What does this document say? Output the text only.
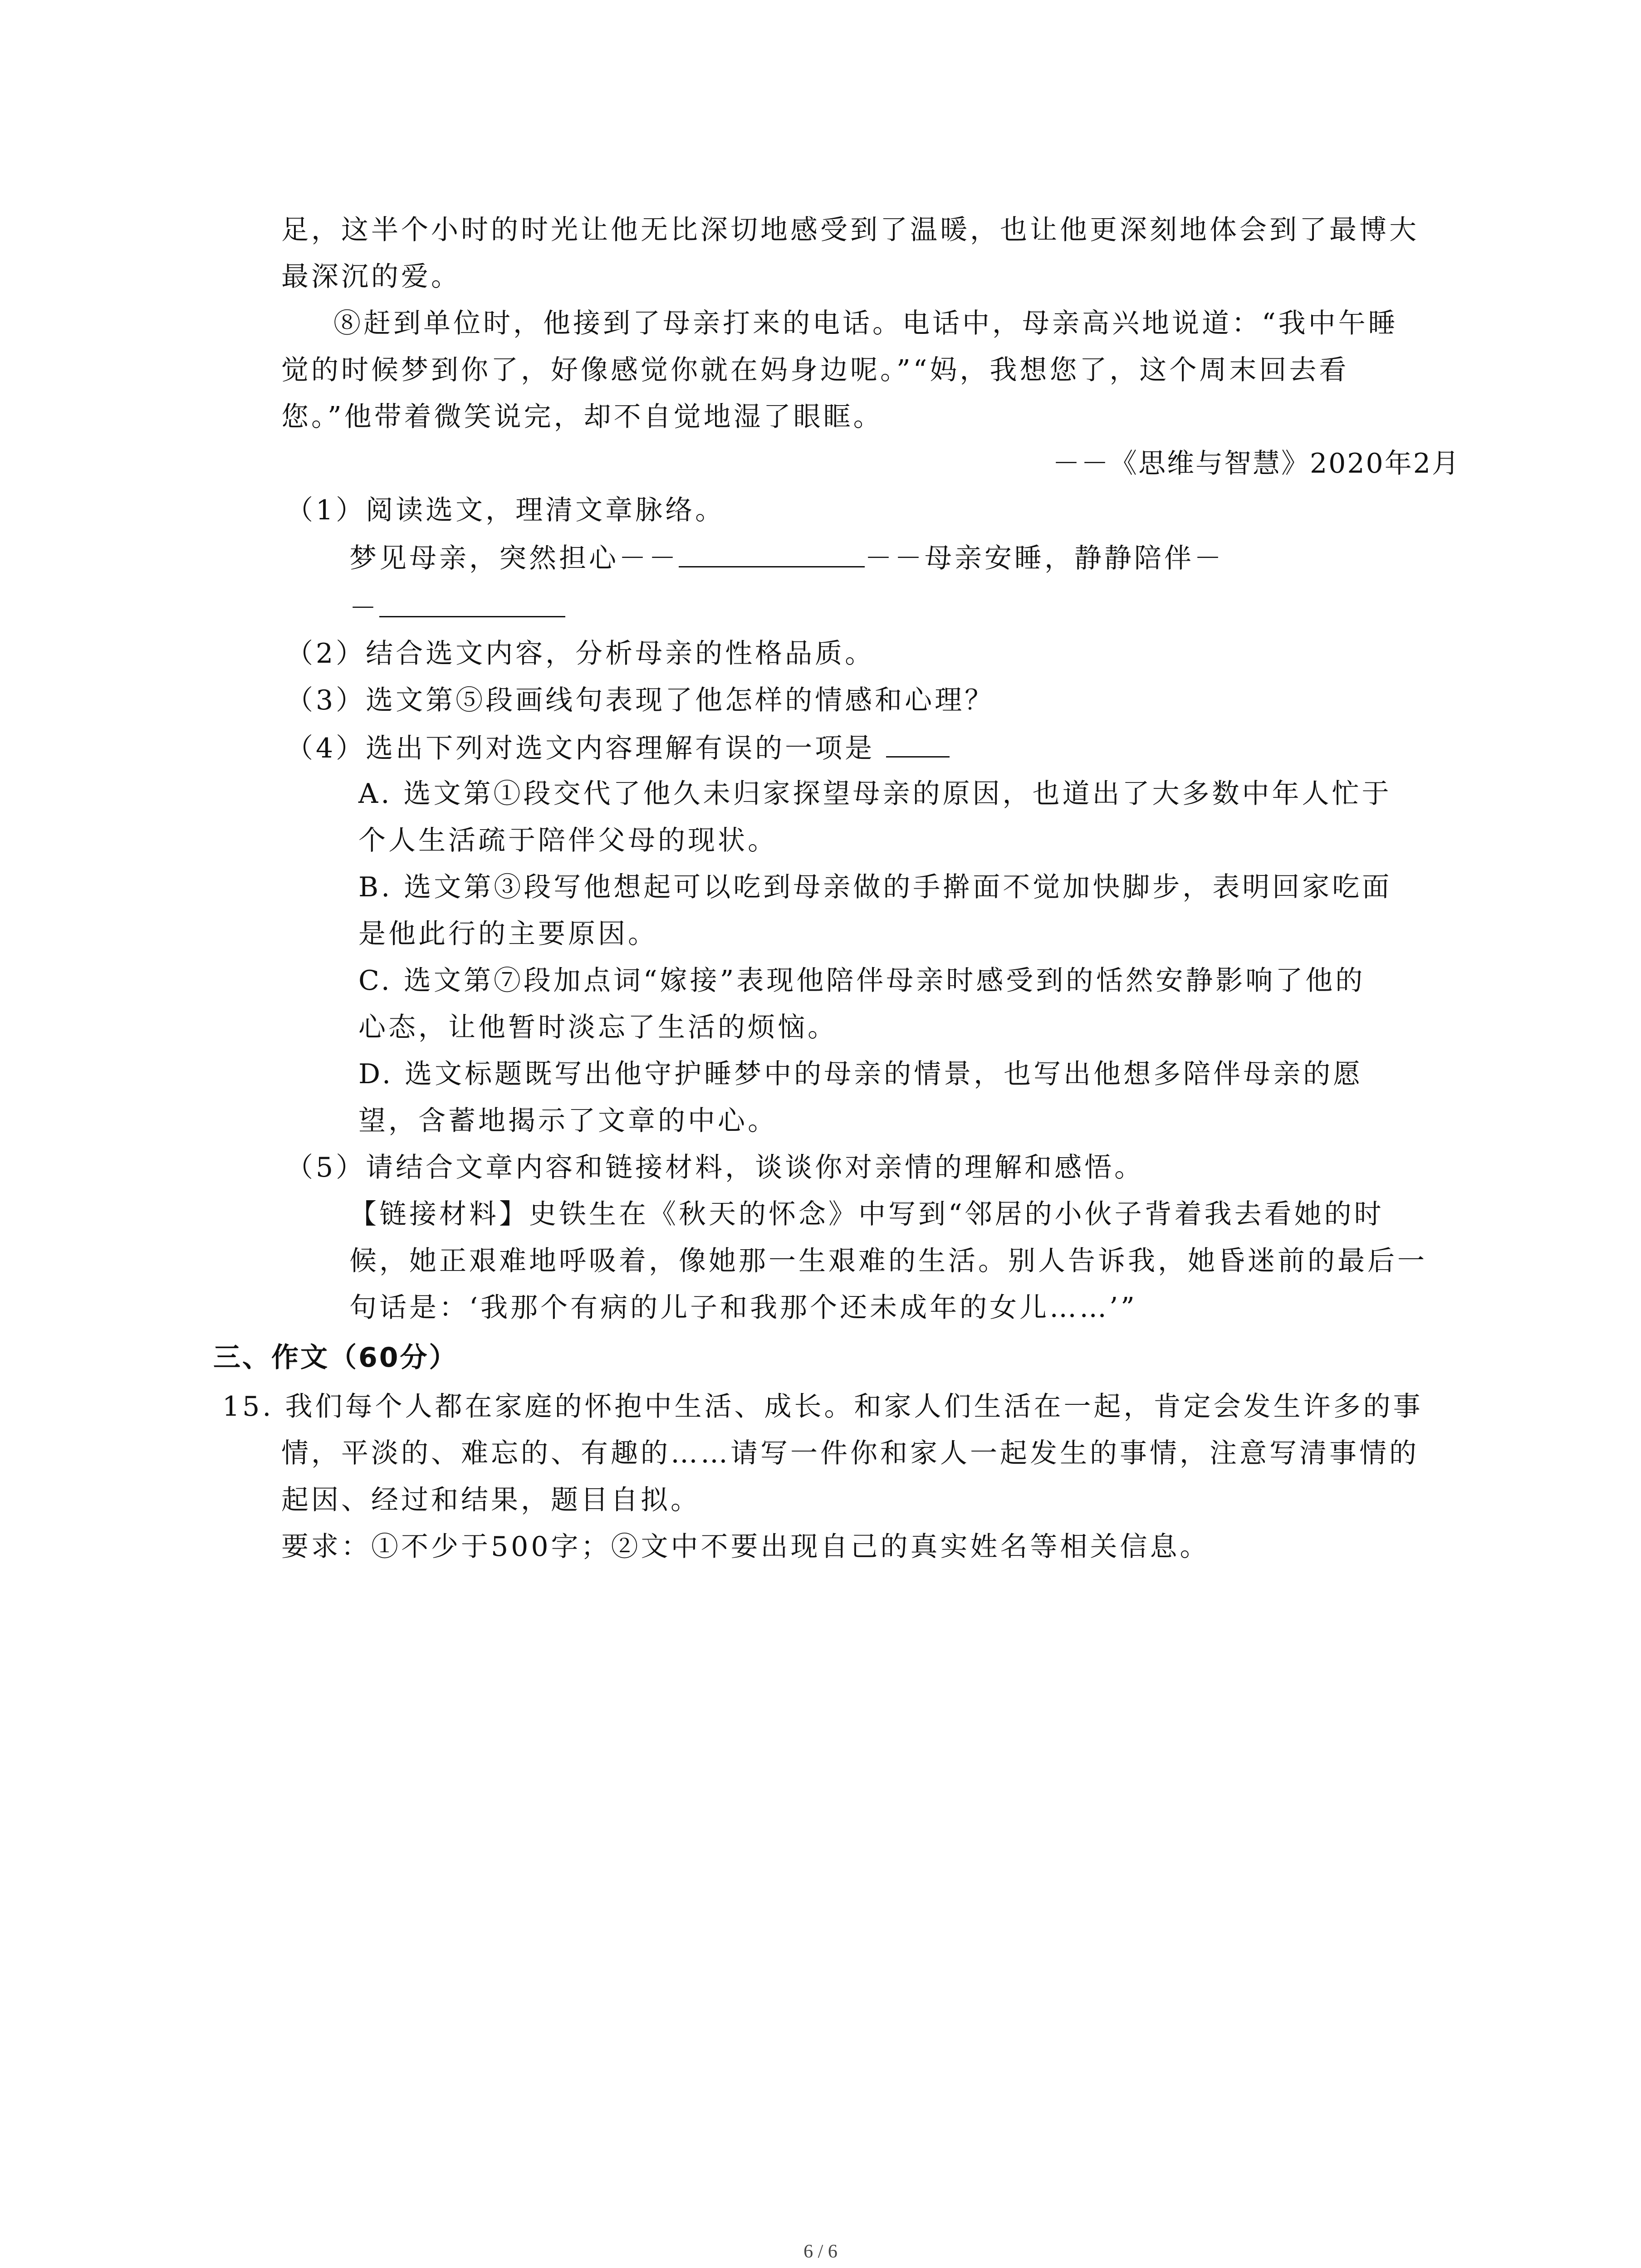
足，这半个小时的时光让他无比深切地感受到了温暖，也让他更深刻地体会到了最博大
最深沉的爱。
⑧赶到单位时，他接到了母亲打来的电话。电话中，母亲高兴地说道：“我中午睡
觉的时候梦到你了，好像感觉你就在妈身边呢。”“妈，我想您了，这个周末回去看
您。”他带着微笑说完，却不自觉地湿了眼眶。
－－《思维与智慧》2020年2月
（1）阅读选文，理清文章脉络。
梦见母亲，突然担心－－	－－母亲安睡，静静陪伴－
－
（2）结合选文内容，分析母亲的性格品质。
（3）选文第⑤段画线句表现了他怎样的情感和心理？
（4）选出下列对选文内容理解有误的一项是
A. 选文第①段交代了他久未归家探望母亲的原因，也道出了大多数中年人忙于
个人生活疏于陪伴父母的现状。
B. 选文第③段写他想起可以吃到母亲做的手擀面不觉加快脚步，表明回家吃面
是他此行的主要原因。
C. 选文第⑦段加点词“嫁接”表现他陪伴母亲时感受到的恬然安静影响了他的
心态，让他暂时淡忘了生活的烦恼。
D. 选文标题既写出他守护睡梦中的母亲的情景，也写出他想多陪伴母亲的愿
望，含蓄地揭示了文章的中心。
（5）请结合文章内容和链接材料，谈谈你对亲情的理解和感悟。
【链接材料】史铁生在《秋天的怀念》中写到“邻居的小伙子背着我去看她的时
候，她正艰难地呼吸着，像她那一生艰难的生活。别人告诉我，她昏迷前的最后一
句话是：‘我那个有病的儿子和我那个还未成年的女儿……’”
三、作文（60分）
15. 我们每个人都在家庭的怀抱中生活、成长。和家人们生活在一起，肯定会发生许多的事
情，平淡的、难忘的、有趣的……请写一件你和家人一起发生的事情，注意写清事情的
起因、经过和结果，题目自拟。
要求：①不少于500字；②文中不要出现自己的真实姓名等相关信息。
6 / 6
